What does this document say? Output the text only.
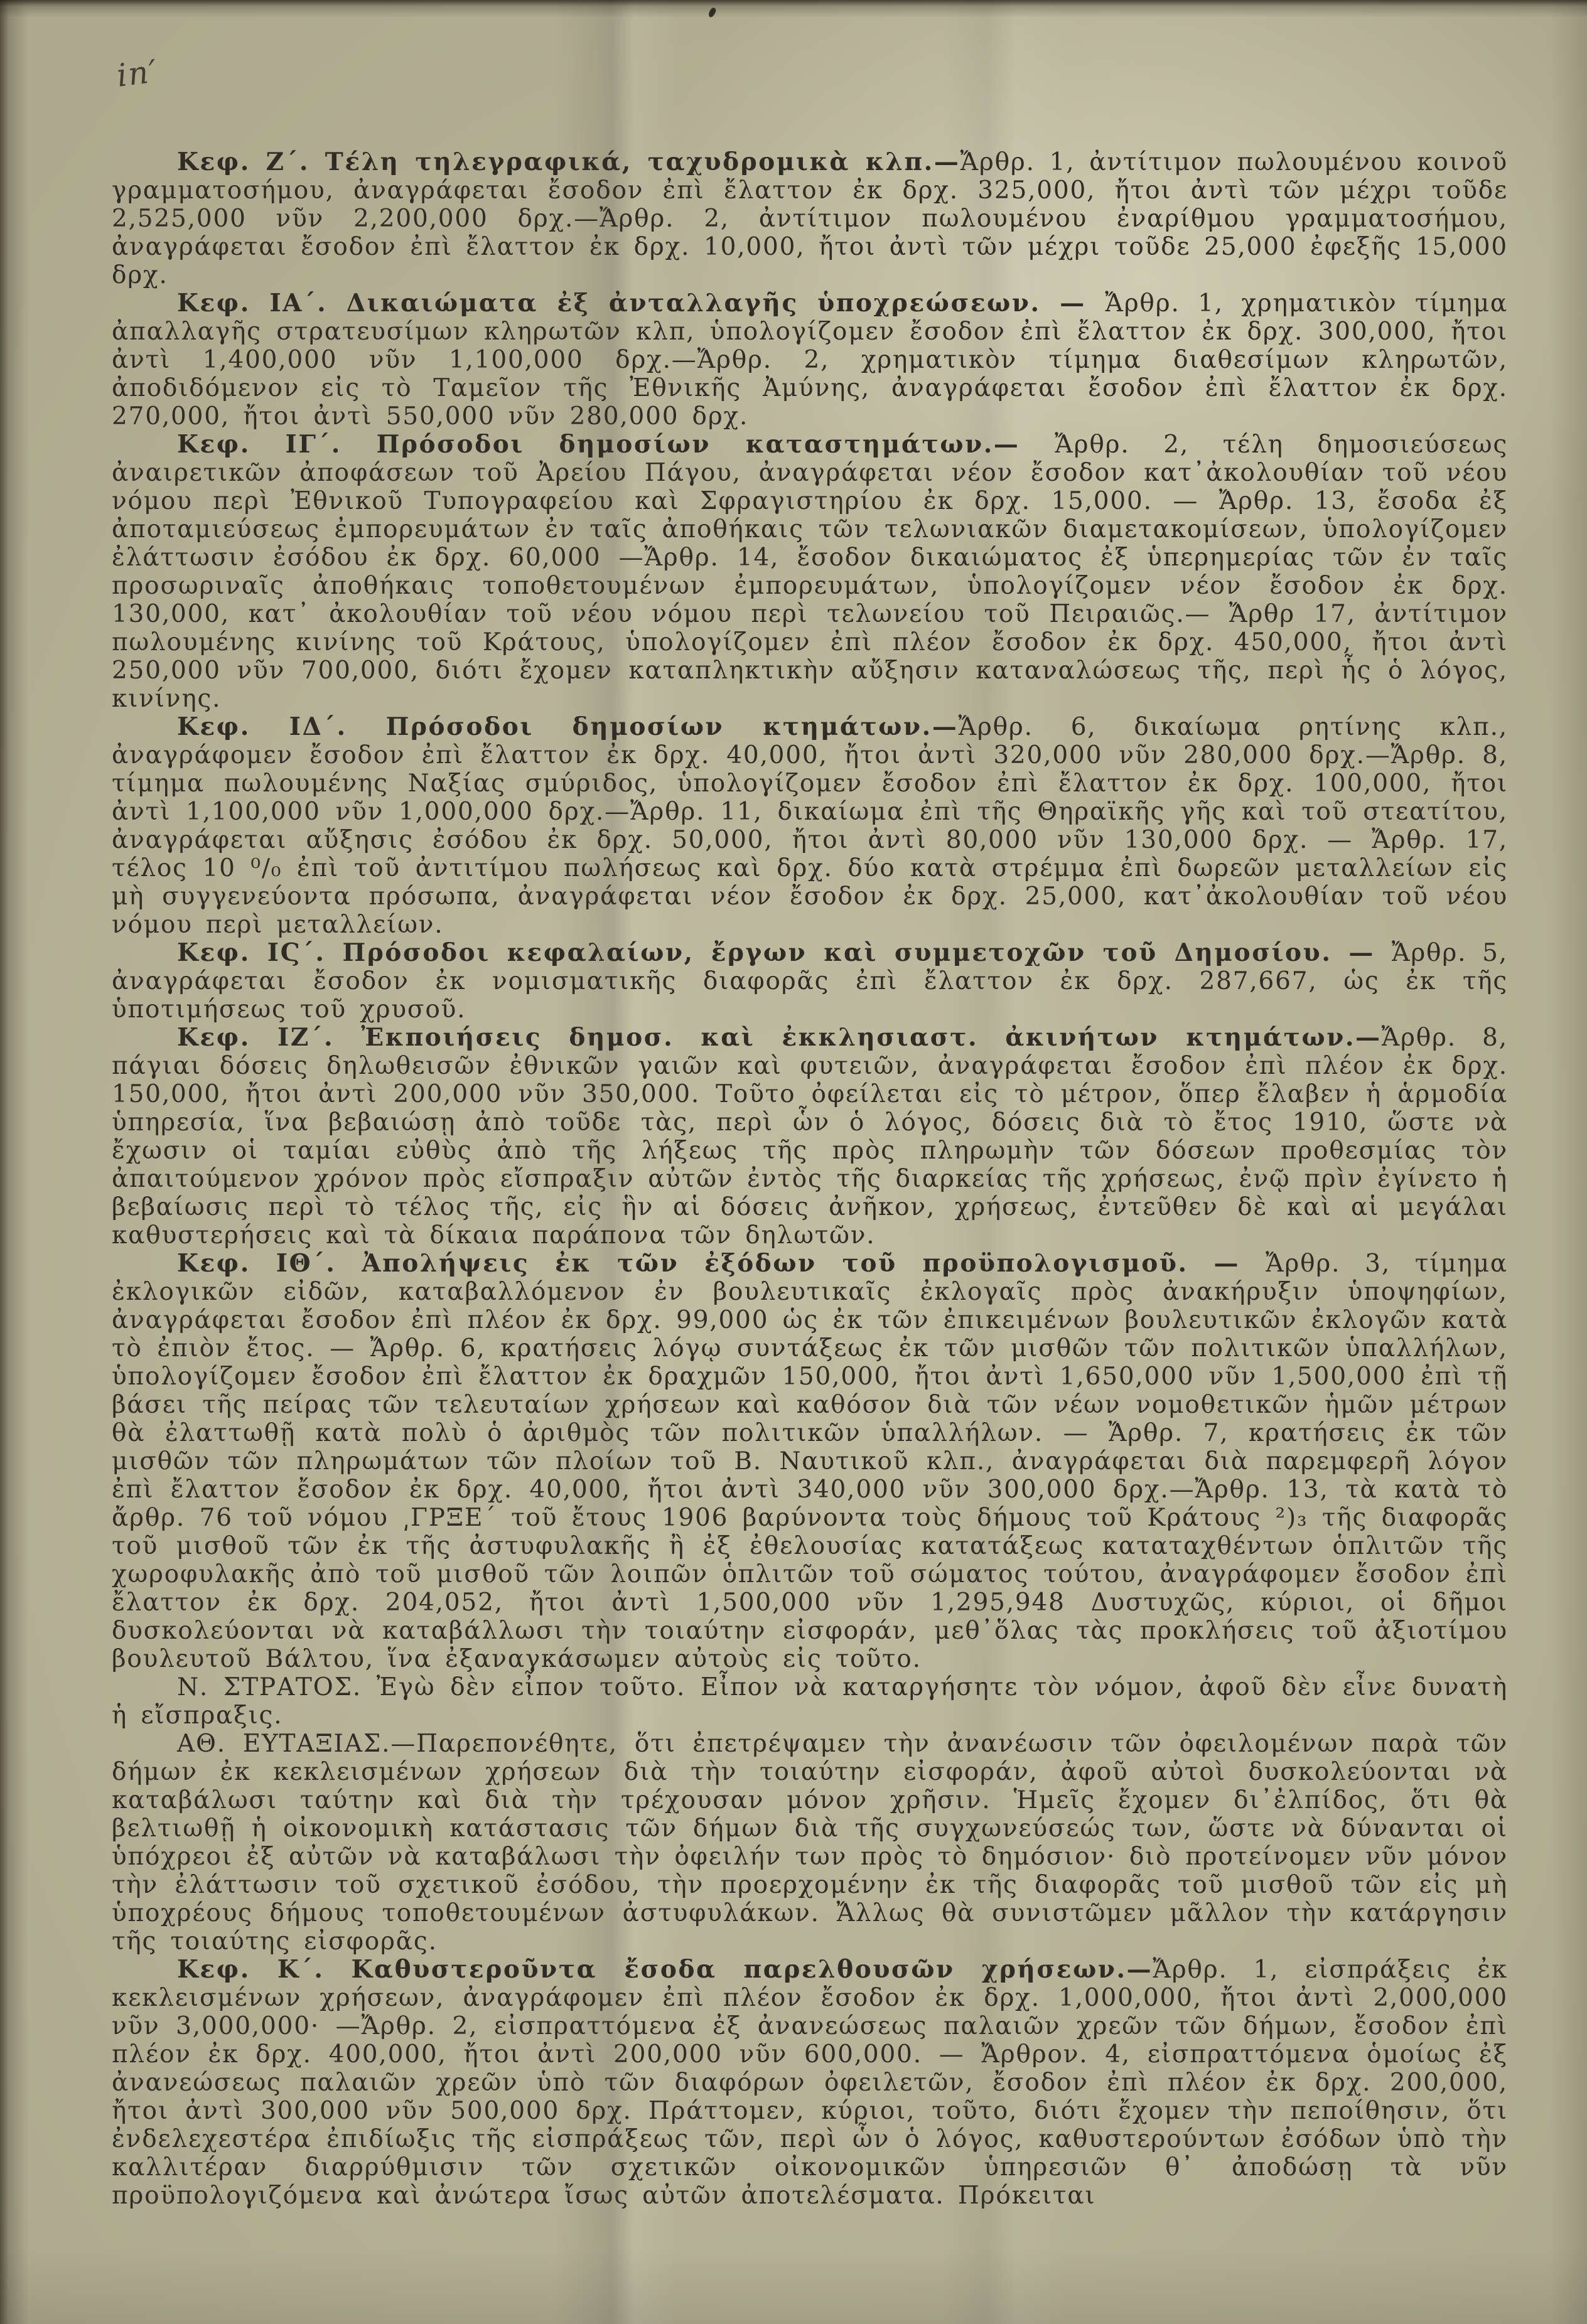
in′

Κεφ. Ζ΄. Τέλη τηλεγραφικά, ταχυδρομικὰ κλπ.—Ἄρθρ. 1, ἀντίτιμον πωλουμένου κοινοῦ γραμματοσήμου, ἀναγράφεται ἔσοδον ἐπὶ ἔλαττον ἐκ δρχ. 325,000, ἤτοι ἀντὶ τῶν μέχρι τοῦδε 2,525,000 νῦν 2,200,000 δρχ.—Ἄρθρ. 2, ἀντίτιμον πωλουμένου ἐναρίθμου γραμματοσήμου, ἀναγράφεται ἔσοδον ἐπὶ ἔλαττον ἐκ δρχ. 10,000, ἤτοι ἀντὶ τῶν μέχρι τοῦδε 25,000 ἐφεξῆς 15,000 δρχ.

Κεφ. ΙΑ΄. Δικαιώματα ἐξ ἀνταλλαγῆς ὑποχρεώσεων. — Ἄρθρ. 1, χρηματικὸν τίμημα ἀπαλλαγῆς στρατευσίμων κληρωτῶν κλπ, ὑπολογίζομεν ἔσοδον ἐπὶ ἔλαττον ἐκ δρχ. 300,000, ἤτοι ἀντὶ 1,400,000 νῦν 1,100,000 δρχ.—Ἄρθρ. 2, χρηματικὸν τίμημα διαθεσίμων κληρωτῶν, ἀποδιδόμενον εἰς τὸ Ταμεῖον τῆς Ἐθνικῆς Ἀμύνης, ἀναγράφεται ἔσοδον ἐπὶ ἔλαττον ἐκ δρχ. 270,000, ἤτοι ἀντὶ 550,000 νῦν 280,000 δρχ.

Κεφ. ΙΓ΄. Πρόσοδοι δημοσίων καταστημάτων.— Ἄρθρ. 2, τέλη δημοσιεύσεως ἀναιρετικῶν ἀποφάσεων τοῦ Ἀρείου Πάγου, ἀναγράφεται νέον ἔσοδον κατ᾽ἀκολουθίαν τοῦ νέου νόμου περὶ Ἐθνικοῦ Τυπογραφείου καὶ Σφραγιστηρίου ἐκ δρχ. 15,000. — Ἄρθρ. 13, ἔσοδα ἐξ ἀποταμιεύσεως ἐμπορευμάτων ἐν ταῖς ἀποθήκαις τῶν τελωνιακῶν διαμετακομίσεων, ὑπολογίζομεν ἐλάττωσιν ἐσόδου ἐκ δρχ. 60,000 —Ἄρθρ. 14, ἔσοδον δικαιώματος ἐξ ὑπερημερίας τῶν ἐν ταῖς προσωριναῖς ἀποθήκαις τοποθετουμένων ἐμπορευμάτων, ὑπολογίζομεν νέον ἔσοδον ἐκ δρχ. 130,000, κατ᾽ ἀκολουθίαν τοῦ νέου νόμου περὶ τελωνείου τοῦ Πειραιῶς.— Ἄρθρ 17, ἀντίτιμον πωλουμένης κινίνης τοῦ Κράτους, ὑπολογίζομεν ἐπὶ πλέον ἔσοδον ἐκ δρχ. 450,000, ἤτοι ἀντὶ 250,000 νῦν 700,000, διότι ἔχομεν καταπληκτικὴν αὔξησιν καταναλώσεως τῆς, περὶ ἧς ὁ λόγος, κινίνης.

Κεφ. ΙΔ΄. Πρόσοδοι δημοσίων κτημάτων.—Ἄρθρ. 6, δικαίωμα ρητίνης κλπ., ἀναγράφομεν ἔσοδον ἐπὶ ἔλαττον ἐκ δρχ. 40,000, ἤτοι ἀντὶ 320,000 νῦν 280,000 δρχ.—Ἄρθρ. 8, τίμημα πωλουμένης Ναξίας σμύριδος, ὑπολογίζομεν ἔσοδον ἐπὶ ἔλαττον ἐκ δρχ. 100,000, ἤτοι ἀντὶ 1,100,000 νῦν 1,000,000 δρχ.—Ἄρθρ. 11, δικαίωμα ἐπὶ τῆς Θηραϊκῆς γῆς καὶ τοῦ στεατίτου, ἀναγράφεται αὔξησις ἐσόδου ἐκ δρχ. 50,000, ἤτοι ἀντὶ 80,000 νῦν 130,000 δρχ. — Ἄρθρ. 17, τέλος 10 ⁰/₀ ἐπὶ τοῦ ἀντιτίμου πωλήσεως καὶ δρχ. δύο κατὰ στρέμμα ἐπὶ δωρεῶν μεταλλείων εἰς μὴ συγγενεύοντα πρόσωπα, ἀναγράφεται νέον ἔσοδον ἐκ δρχ. 25,000, κατ᾽ἀκολουθίαν τοῦ νέου νόμου περὶ μεταλλείων.

Κεφ. ΙϚ΄. Πρόσοδοι κεφαλαίων, ἔργων καὶ συμμετοχῶν τοῦ Δημοσίου. — Ἄρθρ. 5, ἀναγράφεται ἔσοδον ἐκ νομισματικῆς διαφορᾶς ἐπὶ ἔλαττον ἐκ δρχ. 287,667, ὡς ἐκ τῆς ὑποτιμήσεως τοῦ χρυσοῦ.

Κεφ. ΙΖ΄. Ἐκποιήσεις δημοσ. καὶ ἐκκλησιαστ. ἀκινήτων κτημάτων.—Ἄρθρ. 8, πάγιαι δόσεις δηλωθεισῶν ἐθνικῶν γαιῶν καὶ φυτειῶν, ἀναγράφεται ἔσοδον ἐπὶ πλέον ἐκ δρχ. 150,000, ἤτοι ἀντὶ 200,000 νῦν 350,000. Τοῦτο ὀφείλεται εἰς τὸ μέτρον, ὅπερ ἔλαβεν ἡ ἁρμοδία ὑπηρεσία, ἵνα βεβαιώσῃ ἀπὸ τοῦδε τὰς, περὶ ὧν ὁ λόγος, δόσεις διὰ τὸ ἔτος 1910, ὥστε νὰ ἔχωσιν οἱ ταμίαι εὐθὺς ἀπὸ τῆς λήξεως τῆς πρὸς πληρωμὴν τῶν δόσεων προθεσμίας τὸν ἀπαιτούμενον χρόνον πρὸς εἴσπραξιν αὐτῶν ἐντὸς τῆς διαρκείας τῆς χρήσεως, ἐνῷ πρὶν ἐγίνετο ἡ βεβαίωσις περὶ τὸ τέλος τῆς, εἰς ἣν αἱ δόσεις ἀνῆκον, χρήσεως, ἐντεῦθεν δὲ καὶ αἱ μεγάλαι καθυστερήσεις καὶ τὰ δίκαια παράπονα τῶν δηλωτῶν.

Κεφ. ΙΘ΄. Ἀπολήψεις ἐκ τῶν ἐξόδων τοῦ προϋπολογισμοῦ. — Ἄρθρ. 3, τίμημα ἐκλογικῶν εἰδῶν, καταβαλλόμενον ἐν βουλευτικαῖς ἐκλογαῖς πρὸς ἀνακήρυξιν ὑποψηφίων, ἀναγράφεται ἔσοδον ἐπὶ πλέον ἐκ δρχ. 99,000 ὡς ἐκ τῶν ἐπικειμένων βουλευτικῶν ἐκλογῶν κατὰ τὸ ἐπιὸν ἔτος. — Ἄρθρ. 6, κρατήσεις λόγῳ συντάξεως ἐκ τῶν μισθῶν τῶν πολιτικῶν ὑπαλλήλων, ὑπολογίζομεν ἔσοδον ἐπὶ ἔλαττον ἐκ δραχμῶν 150,000, ἤτοι ἀντὶ 1,650,000 νῦν 1,500,000 ἐπὶ τῇ βάσει τῆς πείρας τῶν τελευταίων χρήσεων καὶ καθόσον διὰ τῶν νέων νομοθετικῶν ἡμῶν μέτρων θὰ ἐλαττωθῇ κατὰ πολὺ ὁ ἀριθμὸς τῶν πολιτικῶν ὑπαλλήλων. — Ἄρθρ. 7, κρατήσεις ἐκ τῶν μισθῶν τῶν πληρωμάτων τῶν πλοίων τοῦ Β. Ναυτικοῦ κλπ., ἀναγράφεται διὰ παρεμφερῆ λόγον ἐπὶ ἔλαττον ἔσοδον ἐκ δρχ. 40,000, ἤτοι ἀντὶ 340,000 νῦν 300,000 δρχ.—Ἄρθρ. 13, τὰ κατὰ τὸ ἄρθρ. 76 τοῦ νόμου ͵ΓΡΞΕ΄ τοῦ ἔτους 1906 βαρύνοντα τοὺς δήμους τοῦ Κράτους ²)₃ τῆς διαφορᾶς τοῦ μισθοῦ τῶν ἐκ τῆς ἀστυφυλακῆς ἢ ἐξ ἐθελουσίας κατατάξεως καταταχθέντων ὁπλιτῶν τῆς χωροφυλακῆς ἀπὸ τοῦ μισθοῦ τῶν λοιπῶν ὁπλιτῶν τοῦ σώματος τούτου, ἀναγράφομεν ἔσοδον ἐπὶ ἔλαττον ἐκ δρχ. 204,052, ἤτοι ἀντὶ 1,500,000 νῦν 1,295,948 Δυστυχῶς, κύριοι, οἱ δῆμοι δυσκολεύονται νὰ καταβάλλωσι τὴν τοιαύτην εἰσφοράν, μεθ᾽ὅλας τὰς προκλήσεις τοῦ ἀξιοτίμου βουλευτοῦ Βάλτου, ἵνα ἐξαναγκάσωμεν αὐτοὺς εἰς τοῦτο.

Ν. ΣΤΡΑΤΟΣ. Ἐγὼ δὲν εἶπον τοῦτο. Εἶπον νὰ καταργήσητε τὸν νόμον, ἀφοῦ δὲν εἶνε δυνατὴ ἡ εἴσπραξις.

ΑΘ. ΕΥΤΑΞΙΑΣ.—Παρεπονέθητε, ὅτι ἐπετρέψαμεν τὴν ἀνανέωσιν τῶν ὀφειλομένων παρὰ τῶν δήμων ἐκ κεκλεισμένων χρήσεων διὰ τὴν τοιαύτην εἰσφοράν, ἀφοῦ αὐτοὶ δυσκολεύονται νὰ καταβάλωσι ταύτην καὶ διὰ τὴν τρέχουσαν μόνον χρῆσιν. Ἡμεῖς ἔχομεν δι᾽ἐλπίδος, ὅτι θὰ βελτιωθῇ ἡ οἰκονομικὴ κατάστασις τῶν δήμων διὰ τῆς συγχωνεύσεώς των, ὥστε νὰ δύνανται οἱ ὑπόχρεοι ἐξ αὐτῶν νὰ καταβάλωσι τὴν ὀφειλήν των πρὸς τὸ δημόσιον· διὸ προτείνομεν νῦν μόνον τὴν ἐλάττωσιν τοῦ σχετικοῦ ἐσόδου, τὴν προερχομένην ἐκ τῆς διαφορᾶς τοῦ μισθοῦ τῶν εἰς μὴ ὑποχρέους δήμους τοποθετουμένων ἀστυφυλάκων. Ἄλλως θὰ συνιστῶμεν μᾶλλον τὴν κατάργησιν τῆς τοιαύτης εἰσφορᾶς.

Κεφ. Κ΄. Καθυστεροῦντα ἔσοδα παρελθουσῶν χρήσεων.—Ἄρθρ. 1, εἰσπράξεις ἐκ κεκλεισμένων χρήσεων, ἀναγράφομεν ἐπὶ πλέον ἔσοδον ἐκ δρχ. 1,000,000, ἤτοι ἀντὶ 2,000,000 νῦν 3,000,000· —Ἄρθρ. 2, εἰσπραττόμενα ἐξ ἀνανεώσεως παλαιῶν χρεῶν τῶν δήμων, ἔσοδον ἐπὶ πλέον ἐκ δρχ. 400,000, ἤτοι ἀντὶ 200,000 νῦν 600,000. — Ἄρθρον. 4, εἰσπραττόμενα ὁμοίως ἐξ ἀνανεώσεως παλαιῶν χρεῶν ὑπὸ τῶν διαφόρων ὀφειλετῶν, ἔσοδον ἐπὶ πλέον ἐκ δρχ. 200,000, ἤτοι ἀντὶ 300,000 νῦν 500,000 δρχ. Πράττομεν, κύριοι, τοῦτο, διότι ἔχομεν τὴν πεποίθησιν, ὅτι ἐνδελεχεστέρα ἐπιδίωξις τῆς εἰσπράξεως τῶν, περὶ ὧν ὁ λόγος, καθυστερούντων ἐσόδων ὑπὸ τὴν καλλιτέραν διαρρύθμισιν τῶν σχετικῶν οἰκονομικῶν ὑπηρεσιῶν θ᾽ ἀποδώσῃ τὰ νῦν προϋπολογιζόμενα καὶ ἀνώτερα ἴσως αὐτῶν ἀποτελέσματα. Πρόκειται
